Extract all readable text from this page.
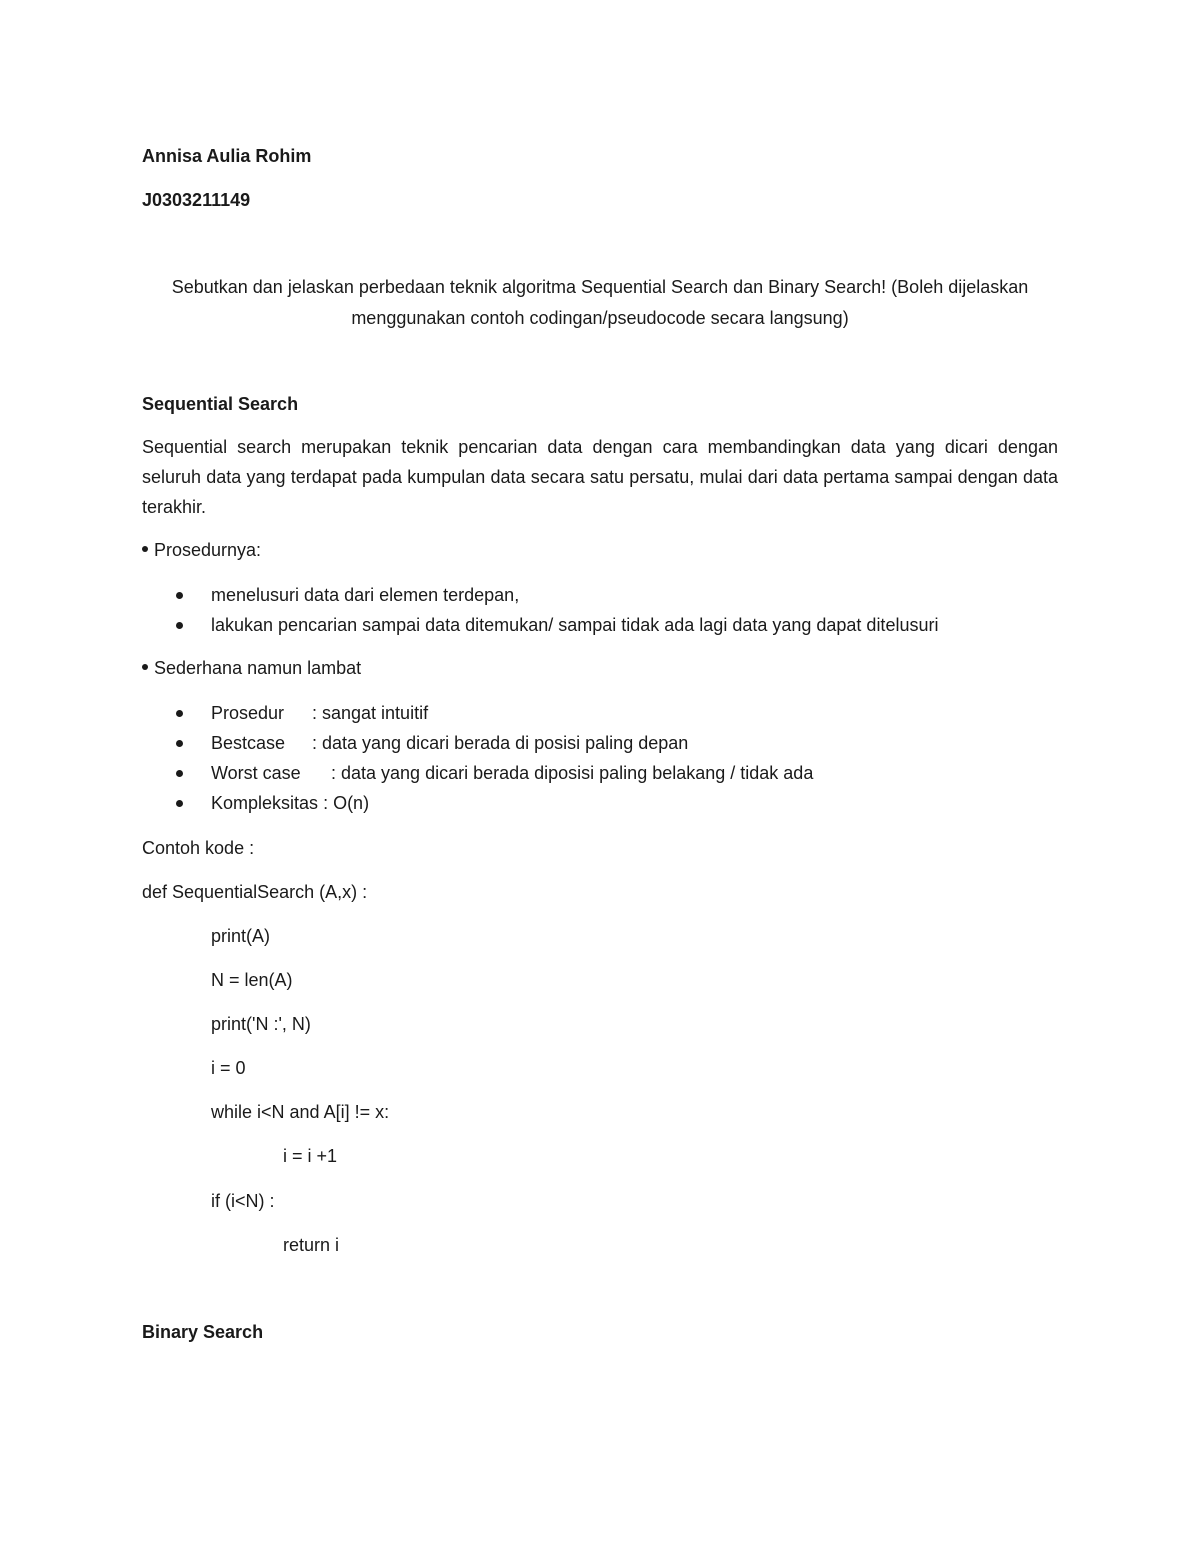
Annisa Aulia Rohim
J0303211149
Sebutkan dan jelaskan perbedaan teknik algoritma Sequential Search dan Binary Search! (Boleh dijelaskan menggunakan contoh codingan/pseudocode secara langsung)
Sequential Search
Sequential search merupakan teknik pencarian data dengan cara membandingkan data yang dicari dengan seluruh data yang terdapat pada kumpulan data secara satu persatu, mulai dari data pertama sampai dengan data terakhir.
Prosedurnya:
menelusuri data dari elemen terdepan,
lakukan pencarian sampai data ditemukan/ sampai tidak ada lagi data yang dapat ditelusuri
Sederhana namun lambat
Prosedur : sangat intuitif
Bestcase : data yang dicari berada di posisi paling depan
Worst case : data yang dicari berada diposisi paling belakang / tidak ada
Kompleksitas : O(n)
Contoh kode :
def SequentialSearch (A,x) :
print(A)
N = len(A)
print('N :', N)
i = 0
while i<N and A[i] != x:
i = i +1
if (i<N) :
return i
Binary Search
